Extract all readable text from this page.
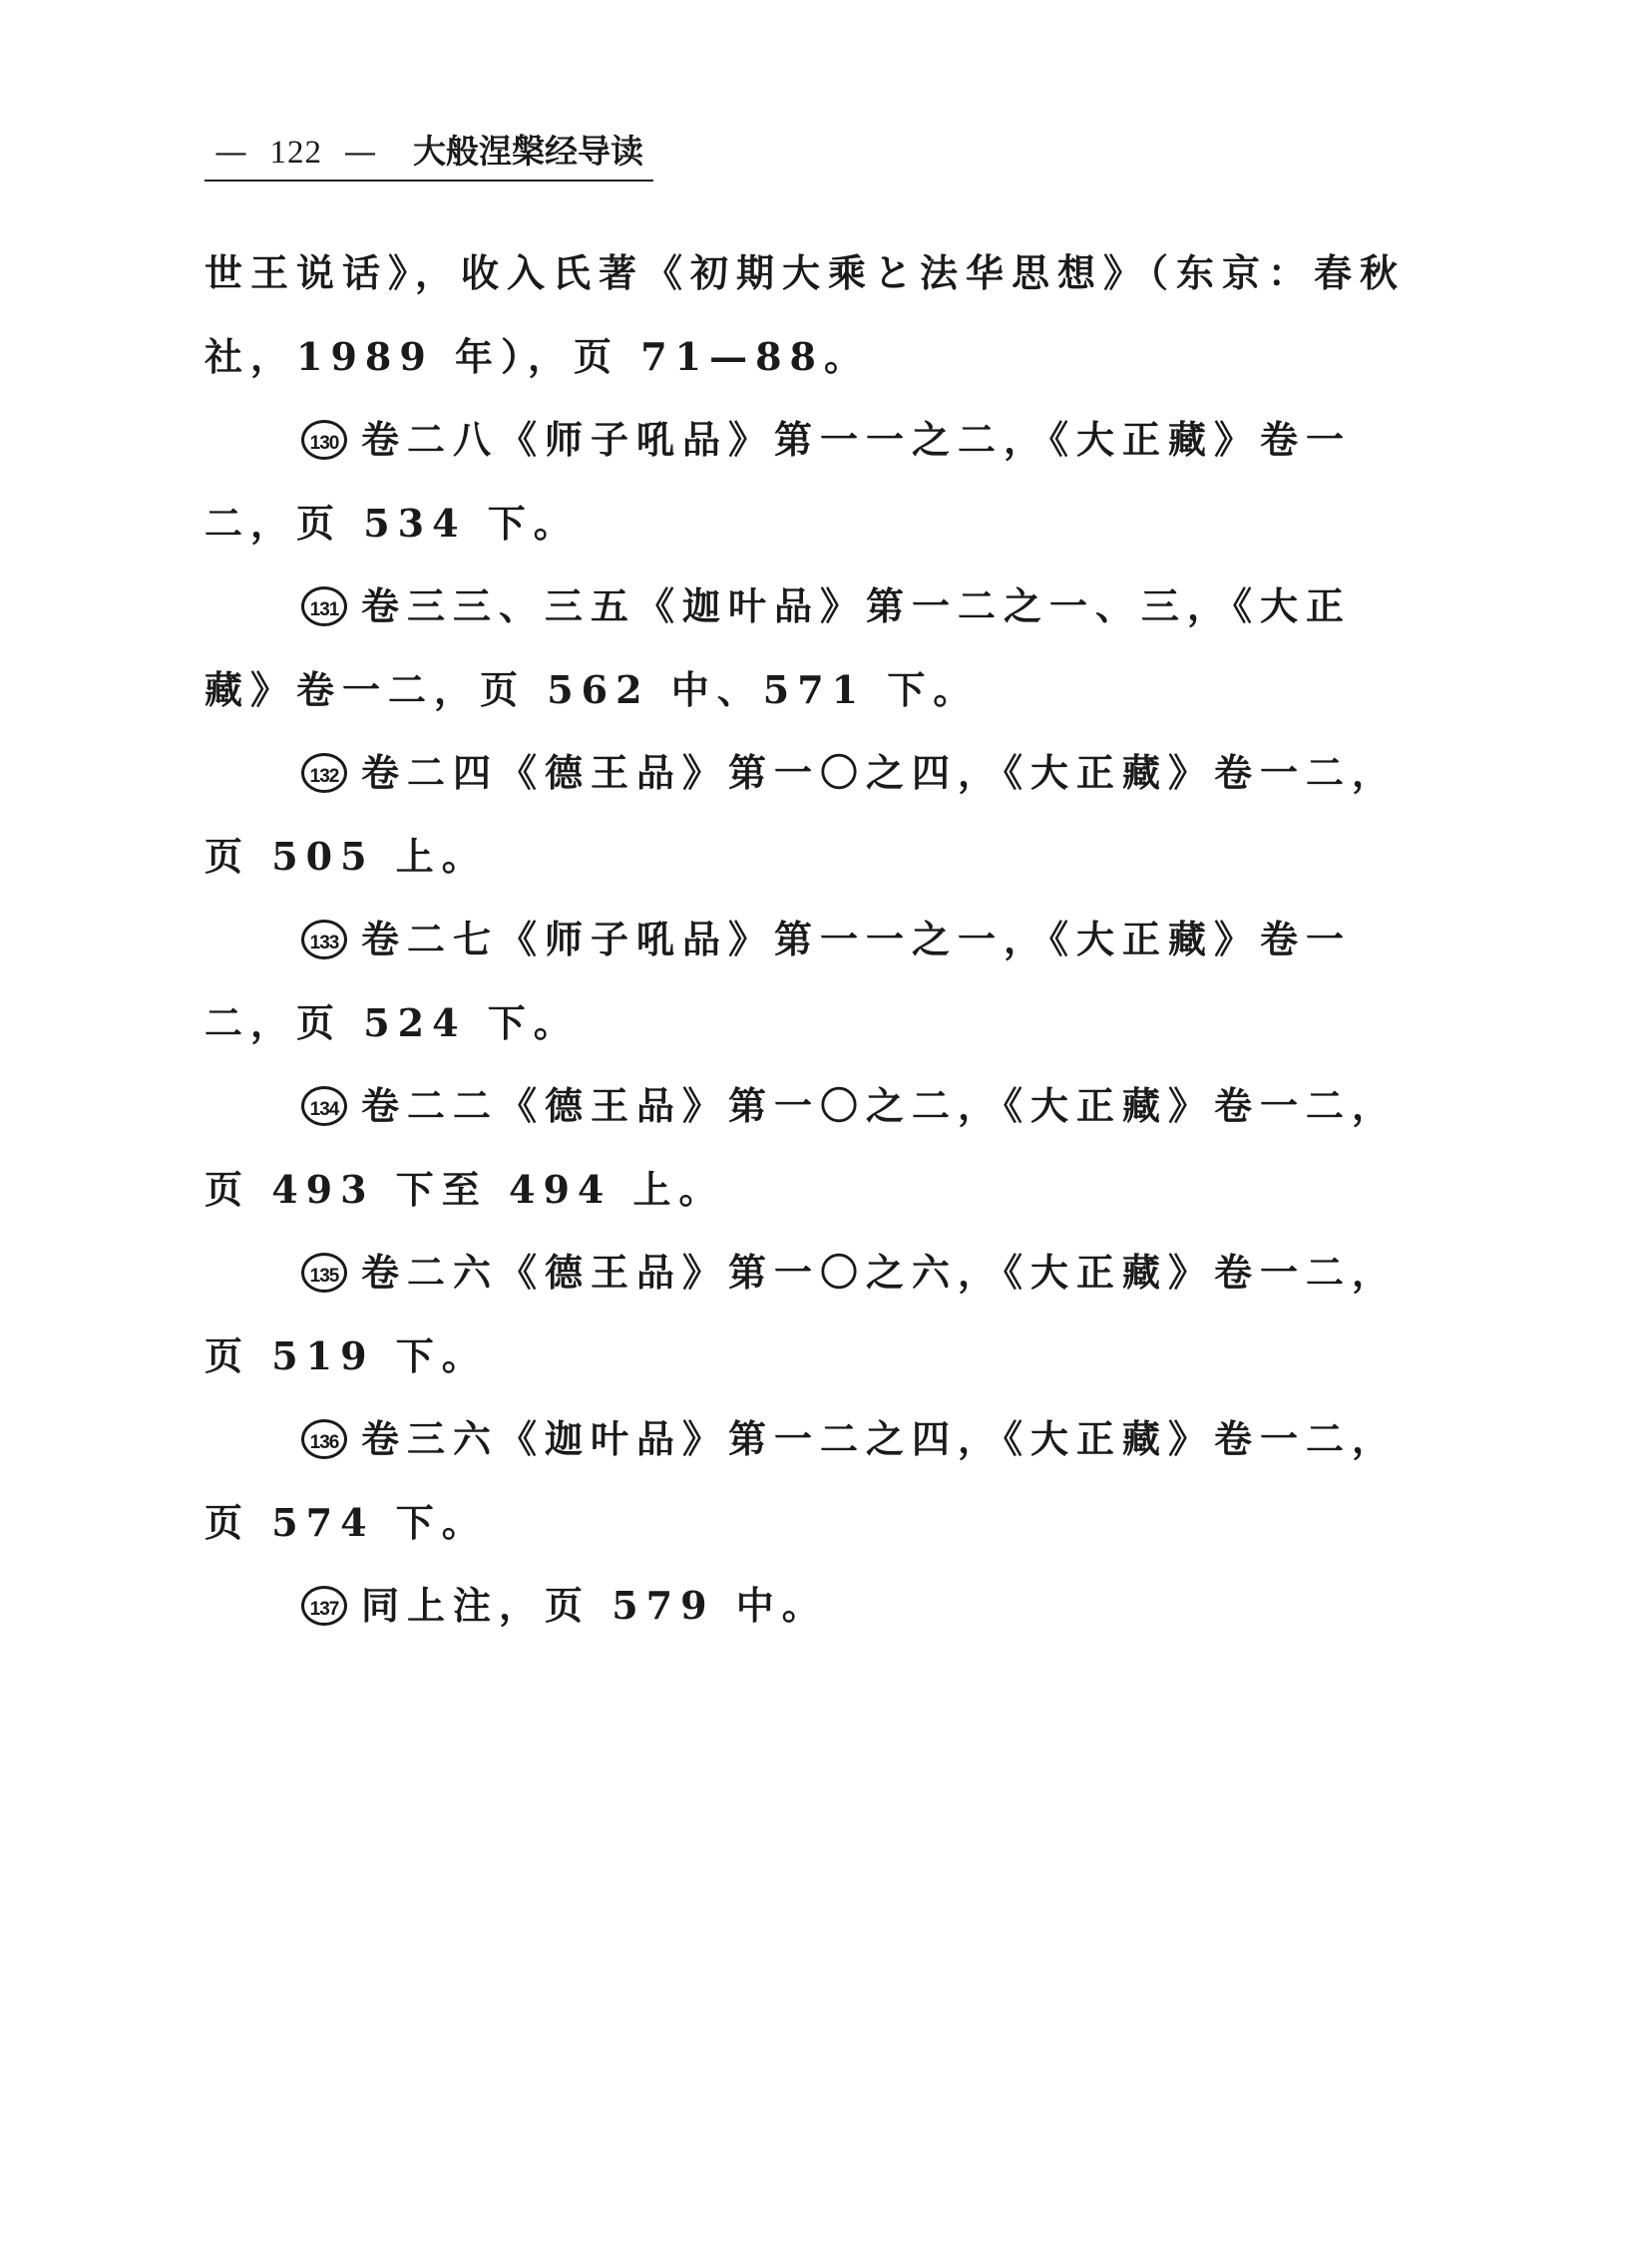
— 122 — 大般涅槃经导读
世王说话》，收入氏著《初期大乘と法华思想》（东京：春秋
社，1989 年），页 71—88。
130 卷二八《师子吼品》第一一之二，《大正藏》卷一
二，页 534 下。
131 卷三三、三五《迦叶品》第一二之一、三，《大正
藏》卷一二，页 562 中、571 下。
132 卷二四《德王品》第一〇之四，《大正藏》卷一二，
页 505 上。
133 卷二七《师子吼品》第一一之一，《大正藏》卷一
二，页 524 下。
134 卷二二《德王品》第一〇之二，《大正藏》卷一二，
页 493 下至 494 上。
135 卷二六《德王品》第一〇之六，《大正藏》卷一二，
页 519 下。
136 卷三六《迦叶品》第一二之四，《大正藏》卷一二，
页 574 下。
137 同上注，页 579 中。
